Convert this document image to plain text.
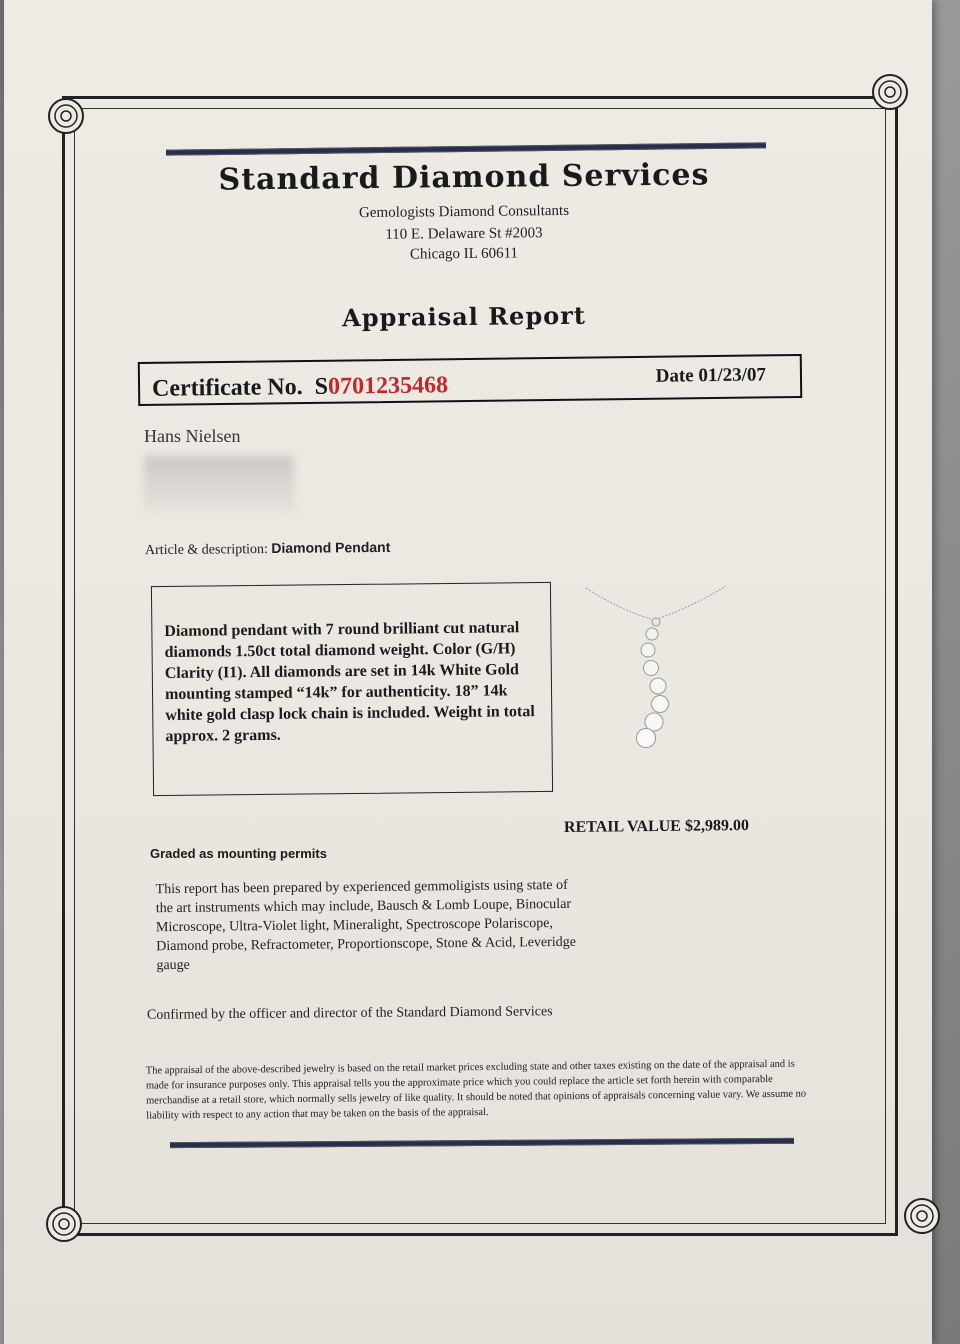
Standard Diamond Services
Gemologists Diamond Consultants
110 E. Delaware St #2003
Chicago IL 60611
Appraisal Report
Certificate No. S0701235468	Date 01/23/07
Hans Nielsen
Article & description: Diamond Pendant
Diamond pendant with 7 round brilliant cut natural diamonds 1.50ct total diamond weight. Color (G/H) Clarity (I1). All diamonds are set in 14k White Gold mounting stamped “14k” for authenticity. 18” 14k white gold clasp lock chain is included. Weight in total approx. 2 grams.
RETAIL VALUE $2,989.00
Graded as mounting permits
This report has been prepared by experienced gemmoligists using state of the art instruments which may include, Bausch & Lomb Loupe, Binocular Microscope, Ultra-Violet light, Mineralight, Spectroscope Polariscope, Diamond probe, Refractometer, Proportionscope, Stone & Acid, Leveridge gauge
Confirmed by the officer and director of the Standard Diamond Services
The appraisal of the above-described jewelry is based on the retail market prices excluding state and other taxes existing on the date of the appraisal and is made for insurance purposes only. This appraisal tells you the approximate price which you could replace the article set forth herein with comparable merchandise at a retail store, which normally sells jewelry of like quality. It should be noted that opinions of appraisals concerning value vary. We assume no liability with respect to any action that may be taken on the basis of the appraisal.
